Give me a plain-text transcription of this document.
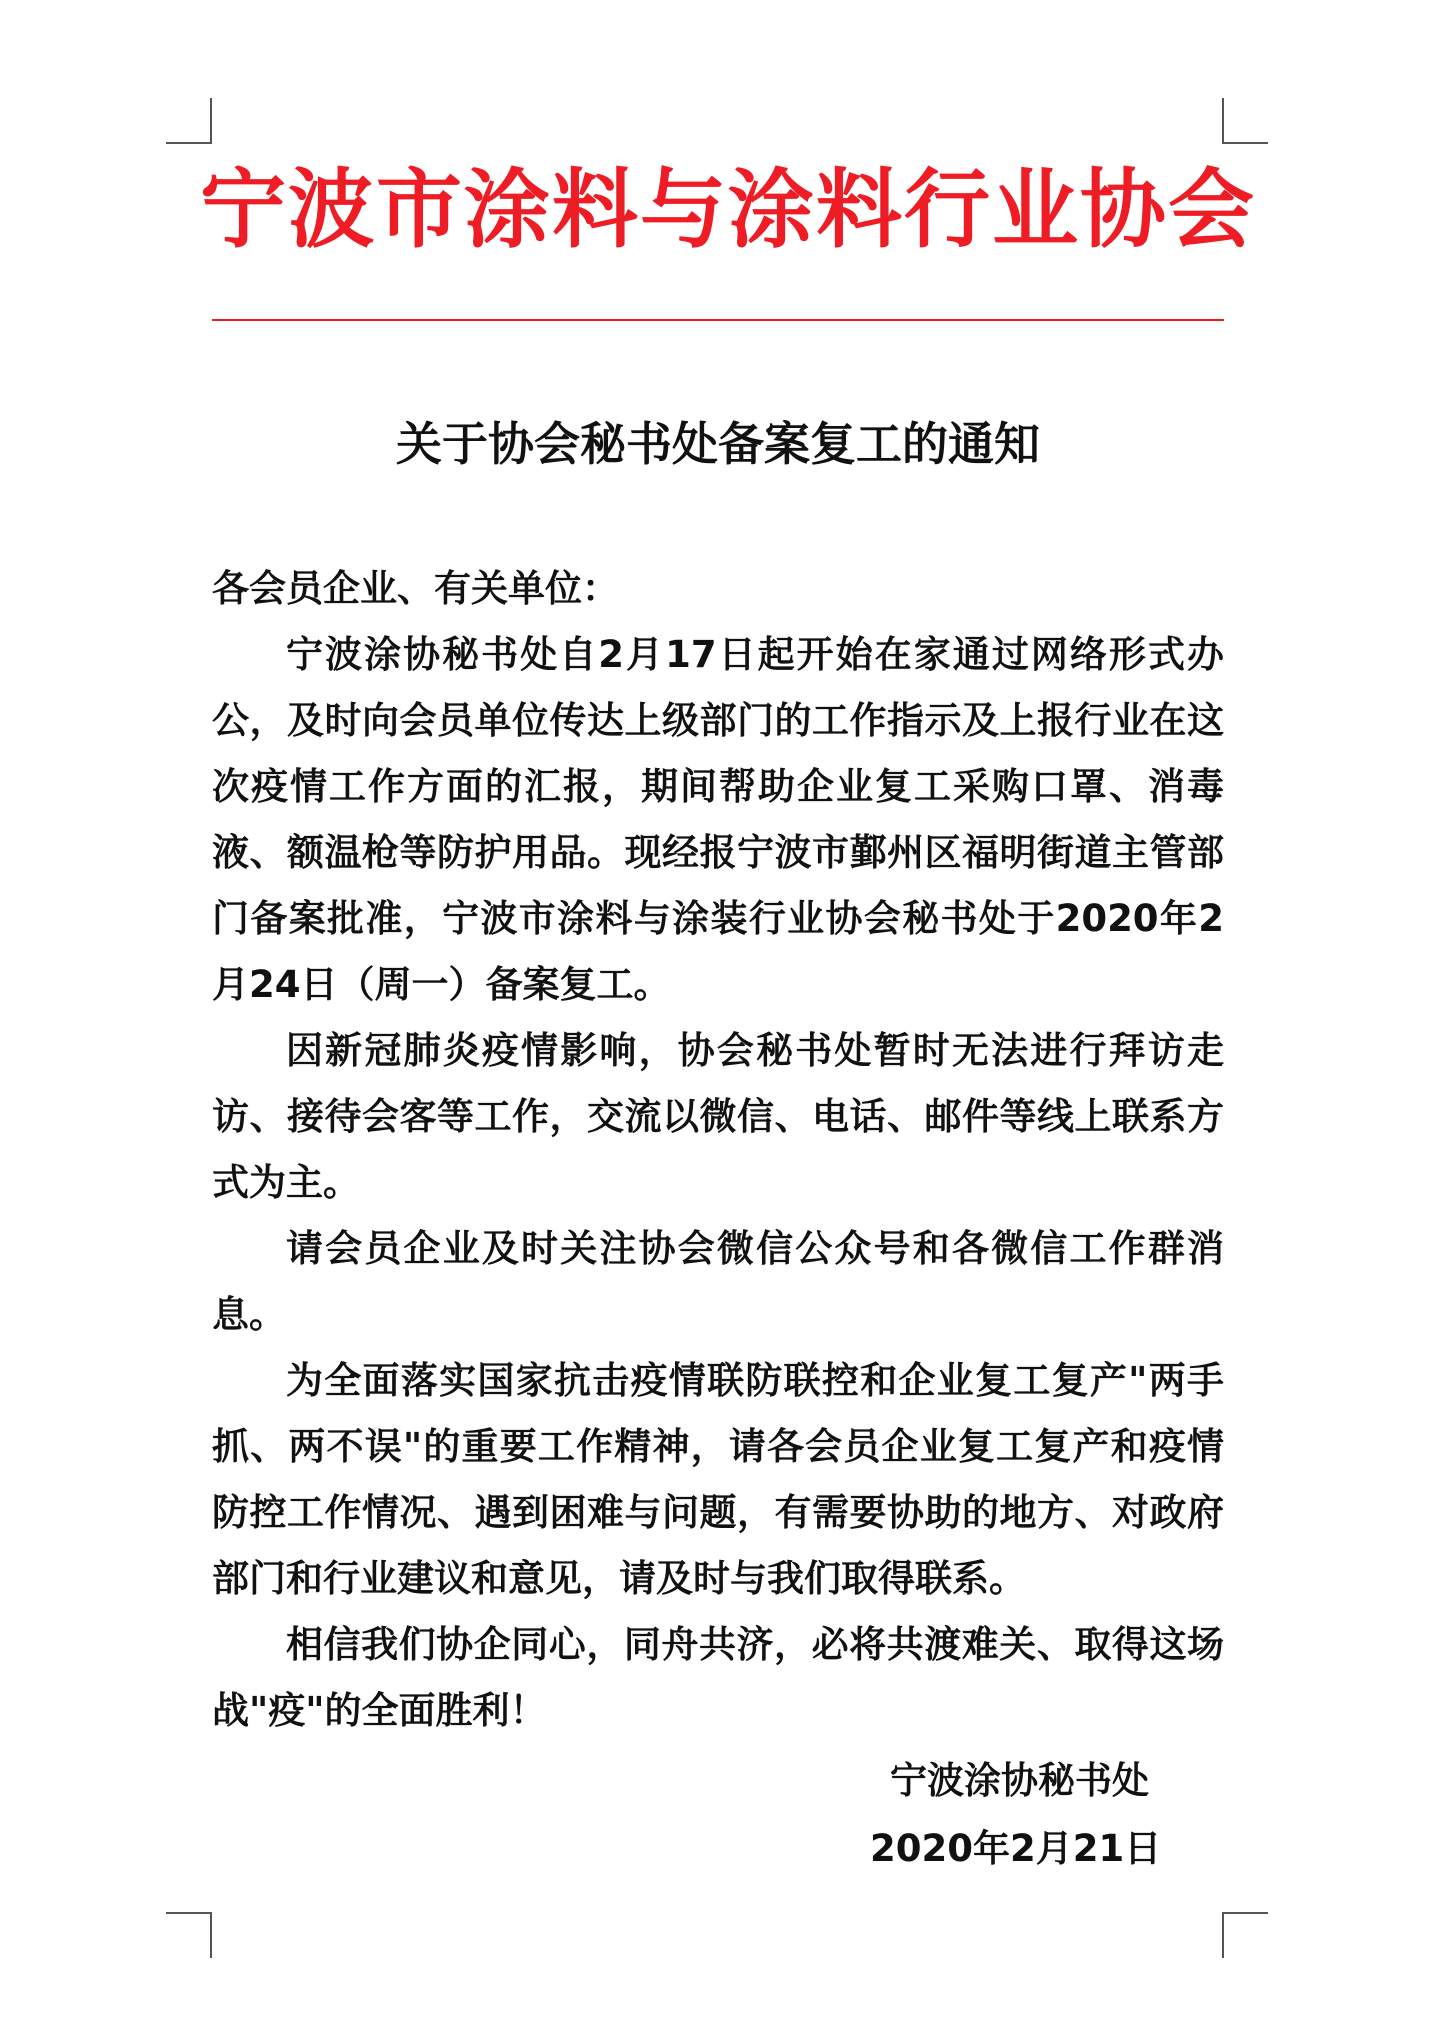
宁波市涂料与涂料行业协会
关于协会秘书处备案复工的通知

各会员企业、有关单位：

宁波涂协秘书处自2月17日起开始在家通过网络形式办公，及时向会员单位传达上级部门的工作指示及上报行业在这次疫情工作方面的汇报，期间帮助企业复工采购口罩、消毒液、额温枪等防护用品。现经报宁波市鄞州区福明街道主管部门备案批准，宁波市涂料与涂装行业协会秘书处于2020年2月24日（周一）备案复工。

因新冠肺炎疫情影响，协会秘书处暂时无法进行拜访走访、接待会客等工作，交流以微信、电话、邮件等线上联系方式为主。

请会员企业及时关注协会微信公众号和各微信工作群消息。

为全面落实国家抗击疫情联防联控和企业复工复产"两手抓、两不误"的重要工作精神，请各会员企业复工复产和疫情防控工作情况、遇到困难与问题，有需要协助的地方、对政府部门和行业建议和意见，请及时与我们取得联系。

相信我们协企同心，同舟共济，必将共渡难关、取得这场战"疫"的全面胜利！

宁波涂协秘书处
2020年2月21日
